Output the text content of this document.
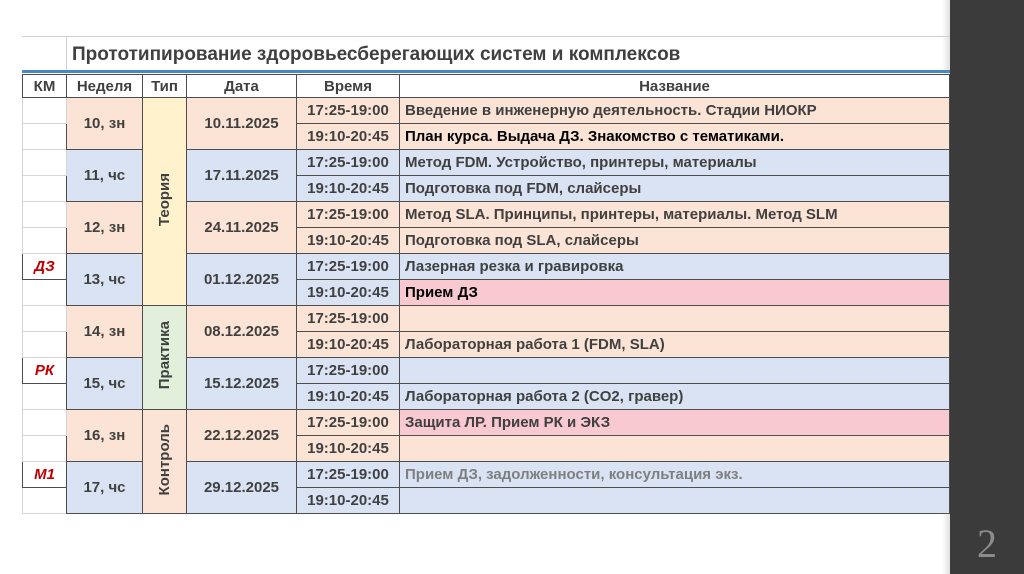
2
Прототипирование здоровьесберегающих систем и комплексов
КМ	Неделя	Тип	Дата	Время	Название
	10, зн	Теория	10.11.2025	17:25-19:00	Введение в инженерную деятельность. Стадии НИОКР
				19:10-20:45	План курса. Выдача ДЗ. Знакомство с тематиками.
	11, чс		17.11.2025	17:25-19:00	Метод FDM. Устройство, принтеры, материалы
				19:10-20:45	Подготовка под FDM, слайсеры
	12, зн		24.11.2025	17:25-19:00	Метод SLA. Принципы, принтеры, материалы. Метод SLM
				19:10-20:45	Подготовка под SLA, слайсеры
ДЗ	13, чс		01.12.2025	17:25-19:00	Лазерная резка и гравировка
				19:10-20:45	Прием ДЗ
	14, зн	Практика	08.12.2025	17:25-19:00	
				19:10-20:45	Лабораторная работа 1 (FDM, SLA)
РК	15, чс		15.12.2025	17:25-19:00	
				19:10-20:45	Лабораторная работа 2 (CO2, гравер)
	16, зн	Контроль	22.12.2025	17:25-19:00	Защита ЛР. Прием РК и ЭКЗ
				19:10-20:45	
М1	17, чс		29.12.2025	17:25-19:00	Прием ДЗ, задолженности, консультация экз.
				19:10-20:45	
